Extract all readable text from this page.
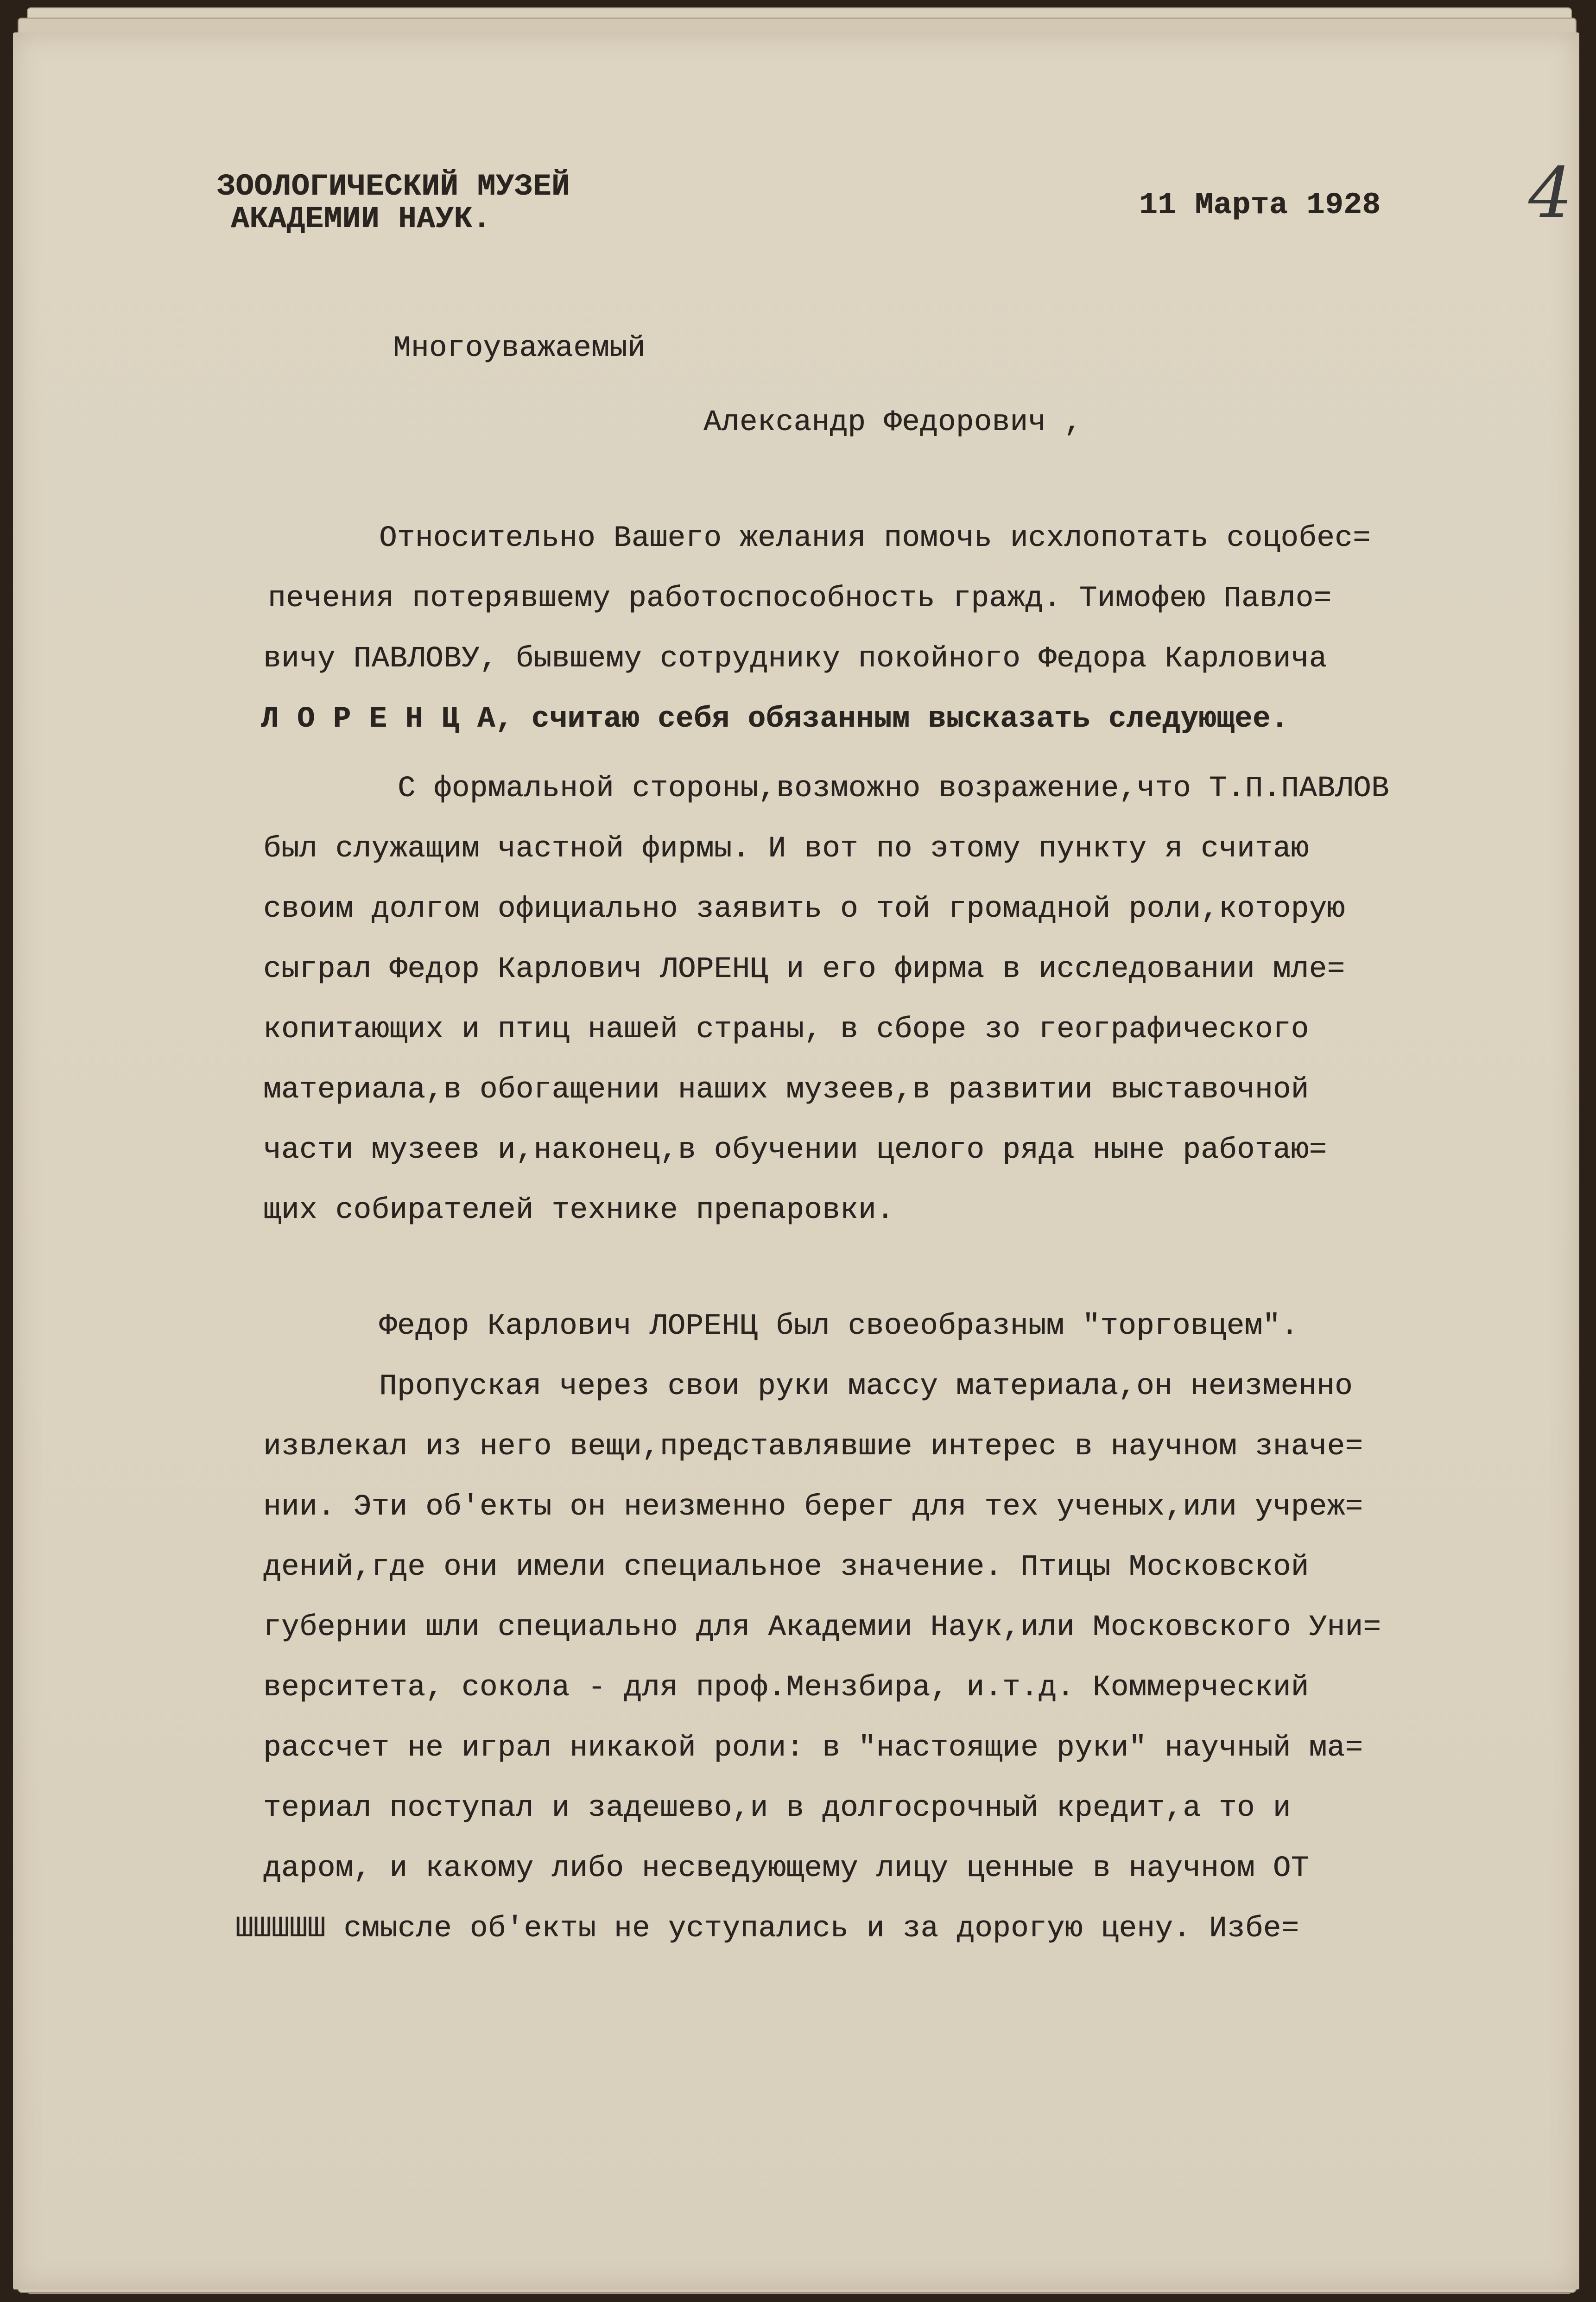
4

ЗООЛОГИЧЕСКИЙ МУЗЕЙ

АКАДЕМИИ НАУК.	11 Марта 1928

Многоуважаемый

Александр Федорович ,

Относительно Вашего желания помочь исхлопотать соцобес=

печения потерявшему работоспособность гражд. Тимофею Павло=

вичу ПАВЛОВУ, бывшему сотруднику покойного Федора Карловича

Л О Р Е Н Ц А, считаю себя обязанным высказать следующее.

С формальной стороны,возможно возражение,что Т.П.ПАВЛОВ

был служащим частной фирмы. И вот по этому пункту я считаю

своим долгом официально заявить о той громадной роли,которую

сыграл Федор Карлович ЛОРЕНЦ и его фирма в исследовании мле=

копитающих и птиц нашей страны, в сборе зо географического

материала,в обогащении наших музеев,в развитии выставочной

части музеев и,наконец,в обучении целого ряда ныне работаю=

щих собирателей технике препаровки.

Федор Карлович ЛОРЕНЦ был своеобразным "торговцем".

Пропуская через свои руки массу материала,он неизменно

извлекал из него вещи,представлявшие интерес в научном значе=

нии. Эти об'екты он неизменно берег для тех ученых,или учреж=

дений,где они имели специальное значение. Птицы Московской

губернии шли специально для Академии Наук,или Московского Уни=

верситета, сокола - для проф.Мензбира, и.т.д. Коммерческий

рассчет не играл никакой роли: в "настоящие руки" научный ма=

териал поступал и задешево,и в долгосрочный кредит,а то и

даром, и какому либо несведующему лицу ценные в научном ОТ

ШШШШШ смысле об'екты не уступались и за дорогую цену. Избе=
